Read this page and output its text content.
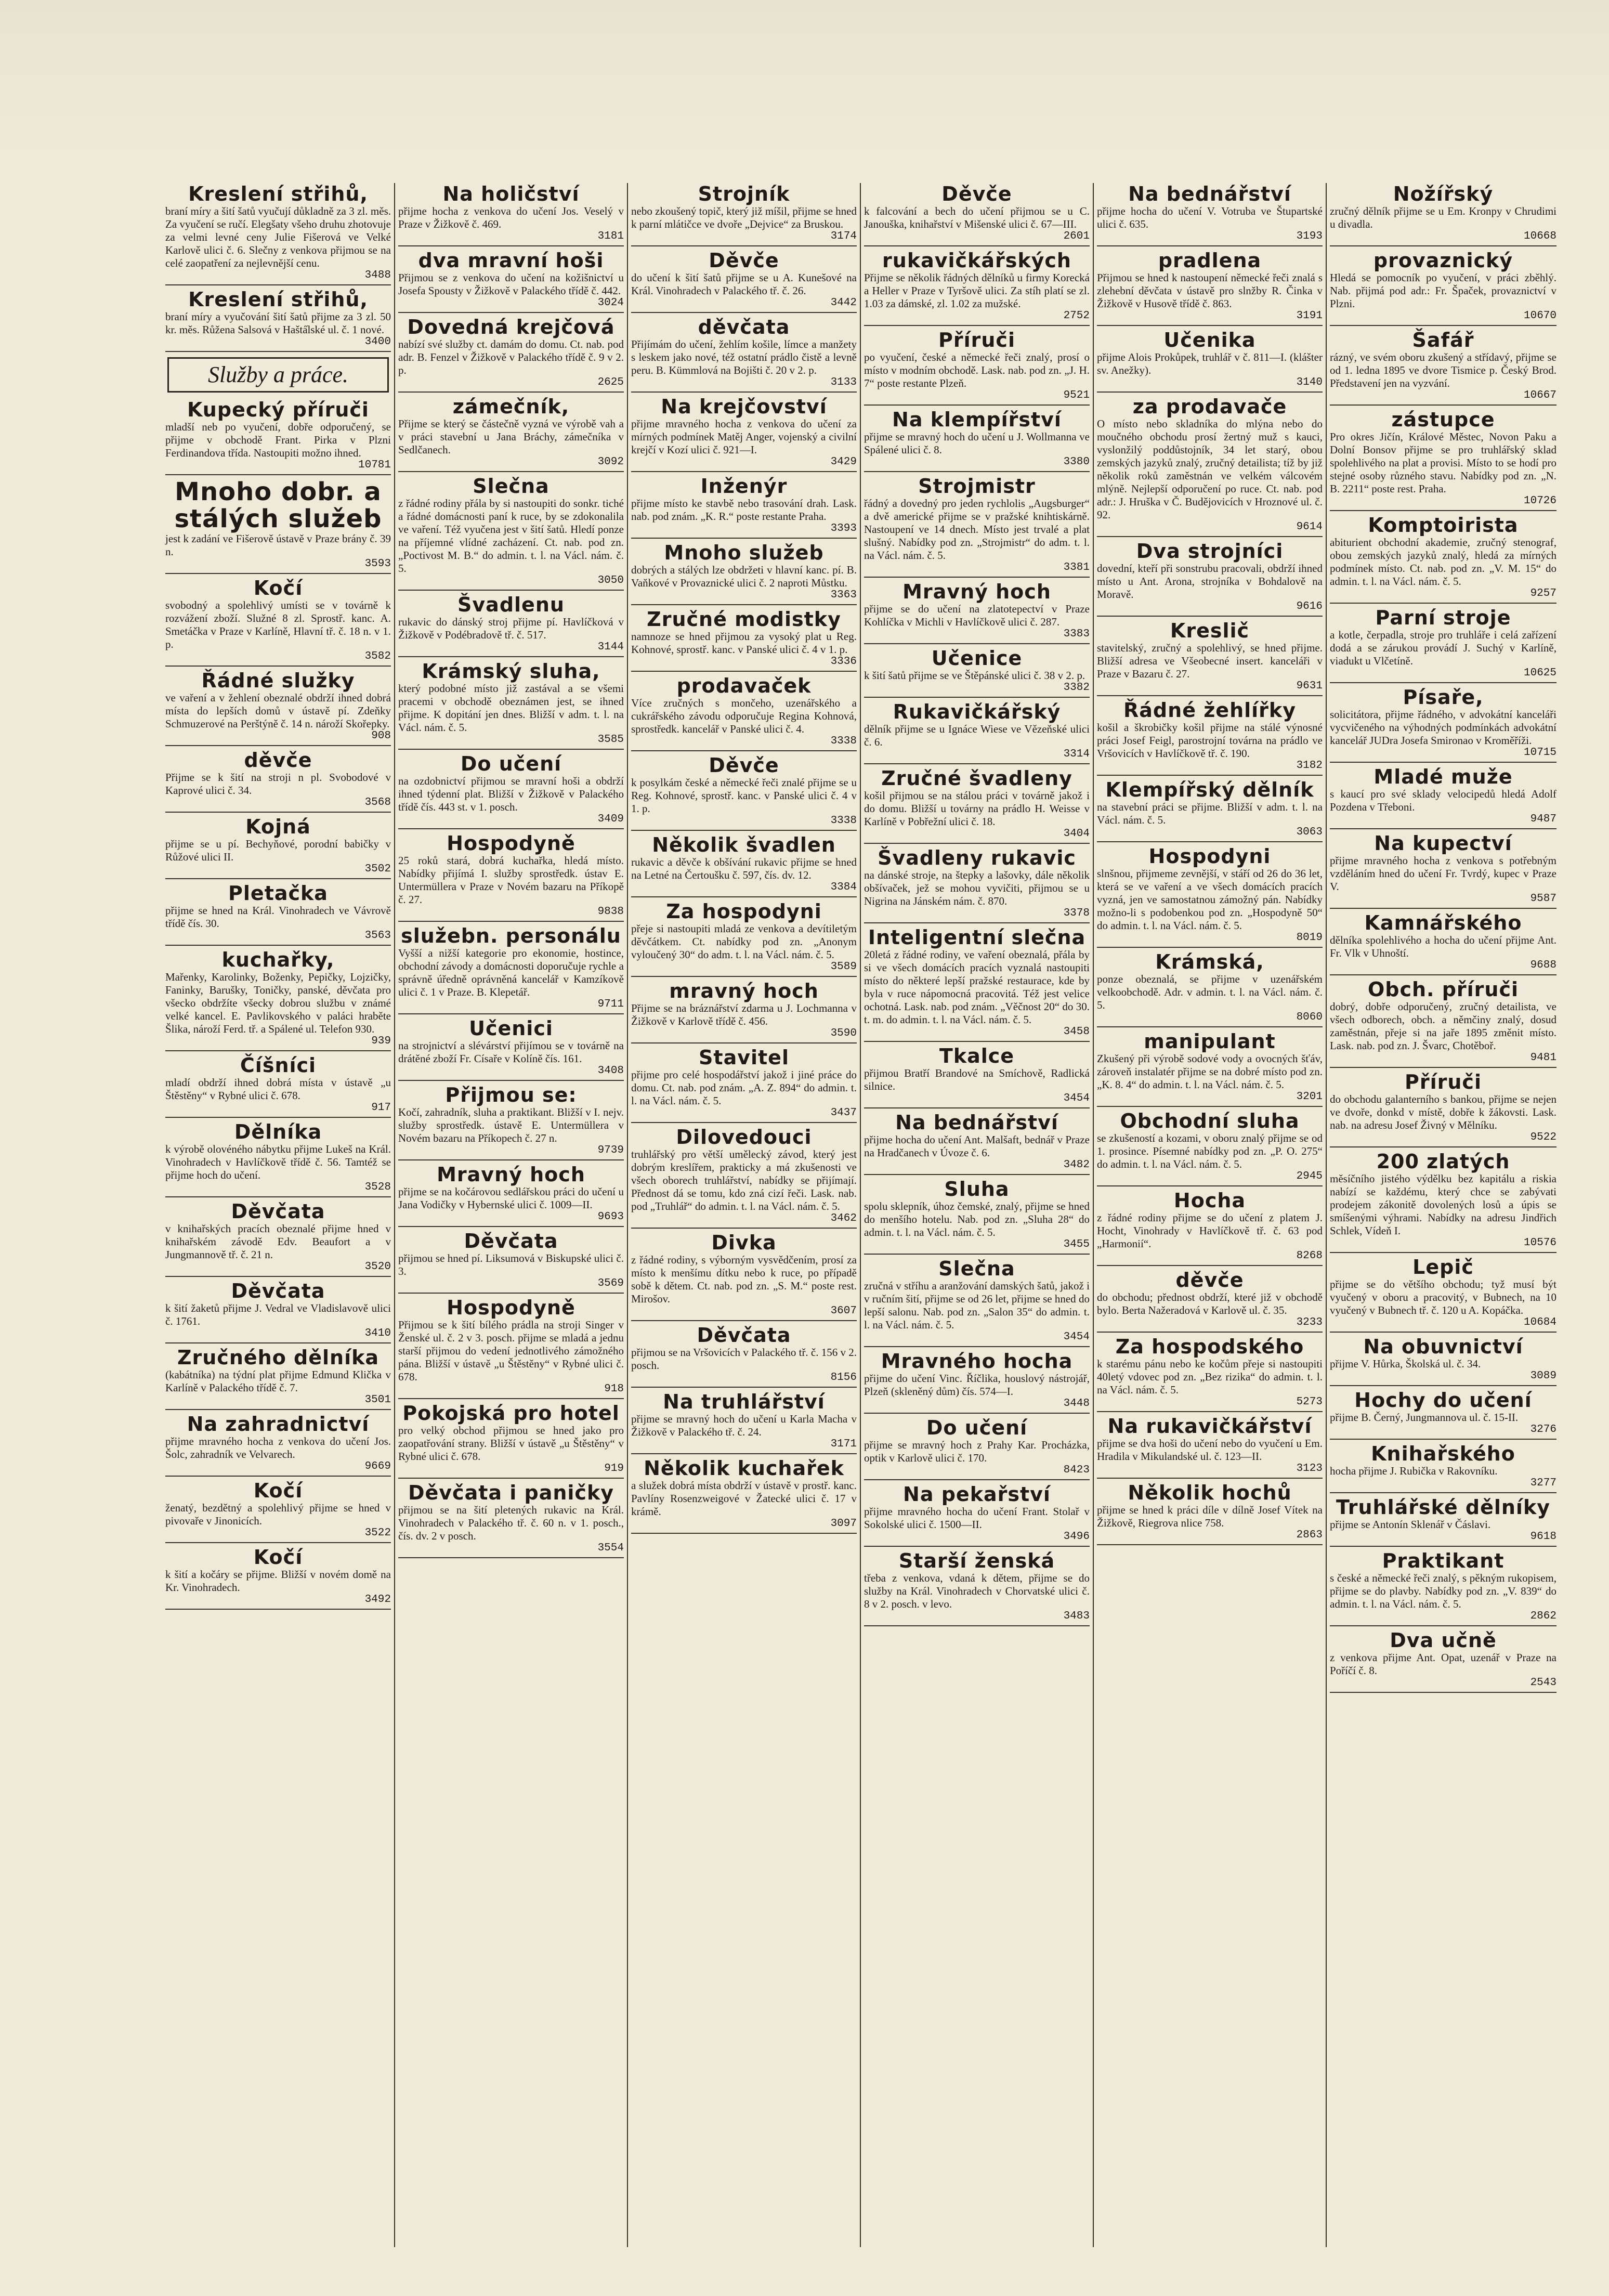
Kreslení střihů,
braní míry a šití šatů vyučují důkladně za 3 zl. měs. Za vyučení se ručí. Elegšaty všeho druhu zhotovuje za velmi levné ceny Julie Fišerová ve Velké Karlově ulici č. 6. Slečny z venkova přijmou se na celé zaopatření za nejlevnější cenu.
3488
Kreslení střihů,
braní míry a vyučování šití šatů přijme za 3 zl. 50 kr. měs. Růžena Salsová v Hašta̋lské ul. č. 1 nové.
3400
Služby a práce.
Kupecký příruči
mladší neb po vyučení, dobře odporučený, se přijme v obchodě Frant. Pirka v Plzni Ferdinandova třída. Nastoupiti možno ihned.
10781
Mnoho dobr. a stálých služeb
jest k zadání ve Fišerově ústavě v Praze brány č. 39 n.
3593
Kočí
svobodný a spolehlivý umísti se v továrně k rozvážení zboží. Služné 8 zl. Sprostř. kanc. A. Smetáčka v Praze v Karlíně, Hlavní tř. č. 18 n. v 1. p.
3582
Řádné služky
ve vaření a v žehlení obeznalé obdrží ihned dobrá místa do lepších domů v ústavě pí. Zdeňky Schmuzerové na Perštýně č. 14 n. nároží Skořepky.
908
děvče
Přijme se k šití na stroji n pl. Svobodové v Kaprové ulici č. 34.
3568
Kojná
přijme se u pí. Bechyňové, porodní babičky v Růžové ulici II.
3502
Pletačka
přijme se hned na Král. Vinohradech ve Vávrově třídě čís. 30.
3563
kuchařky,
Mařenky, Karolinky, Boženky, Pepičky, Lojzičky, Faninky, Barušky, Toničky, panské, děvčata pro všecko obdržíte všecky dobrou službu v známé velké kancel. E. Pavlikovského v paláci hraběte Šlika, nároží Ferd. tř. a Spálené ul. Telefon 930.
939
Číšníci
mladí obdrží ihned dobrá místa v ústavě „u Štěstěny“ v Rybné ulici č. 678.
917
Dělníka
k výrobě olovéného nábytku přijme Lukeš na Král. Vinohradech v Havlíčkově třídě č. 56. Tamtéž se přijme hoch do učení.
3528
Děvčata
v knihařských pracích obeznalé přijme hned v knihařském závodě Edv. Beaufort a v Jungmannově tř. č. 21 n.
3520
Děvčata
k šití žaketů přijme J. Vedral ve Vladislavově ulici č. 1761.
3410
Zručného dělníka
(kabátníka) na týdní plat přijme Edmund Klička v Karlíně v Palackého třídě č. 7.
3501
Na zahradnictví
přijme mravného hocha z venkova do učení Jos. Šolc, zahradník ve Velvarech.
9669
Kočí
ženatý, bezdětný a spolehlivý přijme se hned v pivovaře v Jinonicích.
3522
Kočí
k šití a kočáry se přijme. Bližší v novém domě na Kr. Vinohradech.
3492
Na holičství
přijme hocha z venkova do učení Jos. Veselý v Praze v Žižkově č. 469.
3181
dva mravní hoši
Přijmou se z venkova do učení na kožišnictví u Josefa Spousty v Žižkově v Palackého třídě č. 442.
3024
Dovedná krejčová
nabízí své služby ct. damám do domu. Ct. nab. pod adr. B. Fenzel v Žižkově v Palackého třídě č. 9 v 2. p.
2625
zámečník,
Přijme se který se částečně vyzná ve výrobě vah a v práci stavební u Jana Bráchy, zámečníka v Sedlčanech.
3092
Slečna
z řádné rodiny přála by si nastoupiti do sonkr. tiché a řádné domácnosti paní k ruce, by se zdokonalila ve vaření. Též vyučena jest v šití šatů. Hledí ponze na příjemné vlídné zacházení. Ct. nab. pod zn. „Poctivost M. B.“ do admin. t. l. na Václ. nám. č. 5.
3050
Švadlenu
rukavic do dánský stroj přijme pí. Havlíčková v Žižkově v Podébradově tř. č. 517.
3144
Krámský sluha,
který podobné místo již zastával a se všemi pracemi v obchodě obeznámen jest, se ihned přijme. K dopitání jen dnes. Bližší v adm. t. l. na Václ. nám. č. 5.
3585
Do učení
na ozdobnictví přijmou se mravní hoši a obdrží ihned týdenní plat. Bližší v Žižkově v Palackého třídě čís. 443 st. v 1. posch.
3409
Hospodyně
25 roků stará, dobrá kuchařka, hledá místo. Nabídky přijímá I. služby sprostředk. ústav E. Untermüllera v Praze v Novém bazaru na Příkopě č. 27.
9838
služebn. personálu
Vyšší a nižší kategorie pro ekonomie, hostince, obchodní závody a domácnosti doporučuje rychle a správně úředně oprávněná kancelář v Kamzíkově ulici č. 1 v Praze. B. Klepetář.
9711
Učenici
na strojnictví a slévárství přijímou se v továrně na drátěné zboží Fr. Císaře v Kolíně čís. 161.
3408
Přijmou se:
Kočí, zahradník, sluha a praktikant. Bližší v I. nejv. služby sprostředk. ústavě E. Untermüllera v Novém bazaru na Příkopech č. 27 n.
9739
Mravný hoch
přijme se na kočárovou sedlářskou práci do učení u Jana Vodičky v Hybernské ulici č. 1009—II.
9693
Děvčata
přijmou se hned pí. Liksumová v Biskupské ulici č. 3.
3569
Hospodyně
Přijmou se k šití bílého prádla na stroji Singer v Ženské ul. č. 2 v 3. posch. přijme se mladá a jednu starší přijmou do vedení jednotlivého zámožného pána. Bližší v ústavě „u Štěstěny“ v Rybné ulici č. 678.
918
Pokojská pro hotel
pro velký obchod přijmou se hned jako pro zaopatřování strany. Bližší v ústavě „u Štěstěny“ v Rybné ulici č. 678.
919
Děvčata i paničky
přijmou se na šití pletených rukavic na Král. Vinohradech v Palackého tř. č. 60 n. v 1. posch., čís. dv. 2 v posch.
3554
Strojník
nebo zkoušený topič, který již míšil, přijme se hned k parní mlátičce ve dvoře „Dejvice“ za Bruskou.
3174
Děvče
do učení k šití šatů přijme se u A. Kunešové na Král. Vinohradech v Palackého tř. č. 26.
3442
děvčata
Přijímám do učení, žehlím košile, límce a manžety s leskem jako nové, též ostatní prádlo čistě a levně peru. B. Kümmlová na Bojišti č. 20 v 2. p.
3133
Na krejčovství
přijme mravného hocha z venkova do učení za mírných podmínek Matěj Anger, vojenský a civilní krejčí v Kozí ulici č. 921—I.
3429
Inženýr
přijme místo ke stavbě nebo trasování drah. Lask. nab. pod znám. „K. R.“ poste restante Praha.
3393
Mnoho služeb
dobrých a stálých lze obdržeti v hlavní kanc. pí. B. Vaňkové v Provaznické ulici č. 2 naproti Můstku.
3363
Zručné modistky
namnoze se hned přijmou za vysoký plat u Reg. Kohnové, sprostř. kanc. v Panské ulici č. 4 v 1. p.
3336
prodavaček
Více zručných s mončeho, uzenářského a cukrářského závodu odporučuje Regina Kohnová, sprostředk. kancelář v Panské ulici č. 4.
3338
Děvče
k posylkám české a německé řeči znalé přijme se u Reg. Kohnové, sprostř. kanc. v Panské ulici č. 4 v 1. p.
3338
Několik švadlen
rukavic a děvče k obšívání rukavic přijme se hned na Letné na Čertoušku č. 597, čís. dv. 12.
3384
Za hospodyni
přeje si nastoupiti mladá ze venkova a devítiletým děvčátkem. Ct. nabídky pod zn. „Anonym vyloučený 30“ do adm. t. l. na Václ. nám. č. 5.
3589
mravný hoch
Přijme se na bráznářství zdarma u J. Lochmanna v Žižkově v Karlově třídě č. 456.
3590
Stavitel
přijme pro celé hospodářství jakož i jiné práce do domu. Ct. nab. pod znám. „A. Z. 894“ do admin. t. l. na Václ. nám. č. 5.
3437
Dilovedouci
truhlářský pro větší umělecký závod, který jest dobrým kreslířem, prakticky a má zkušenosti ve všech oborech truhlářství, nabídky se přijímají. Přednost dá se tomu, kdo zná cizí řeči. Lask. nab. pod „Truhlář“ do admin. t. l. na Václ. nám. č. 5.
3462
Divka
z řádné rodiny, s výborným vysvědčením, prosí za místo k menšímu dítku nebo k ruce, po případě sobě k dětem. Ct. nab. pod zn. „S. M.“ poste rest. Mirošov.
3607
Děvčata
přijmou se na Vršovicích v Palackého tř. č. 156 v 2. posch.
8156
Na truhlářství
přijme se mravný hoch do učení u Karla Macha v Žižkově v Palackého tř. č. 24.
3171
Několik kuchařek
a služek dobrá místa obdrží v ústavě v prostř. kanc. Pavlíny Rosenzweigové v Žatecké ulici č. 17 v krámě.
3097
Děvče
k falcování a bech do učení přijmou se u C. Janouška, knihařství v Mišenské ulici č. 67—III.
2601
rukavičkářských
Přijme se několik řádných dělníků u firmy Korecká a Heller v Praze v Tyršově ulici. Za stíh platí se zl. 1.03 za dámské, zl. 1.02 za mužské.
2752
Příruči
po vyučení, české a německé řeči znalý, prosí o místo v modním obchodě. Lask. nab. pod zn. „J. H. 7“ poste restante Plzeň.
9521
Na klempířství
přijme se mravný hoch do učení u J. Wollmanna ve Spálené ulici č. 8.
3380
Strojmistr
řádný a dovedný pro jeden rychlolis „Augsburger“ a dvě americké přijme se v pražské knihtiskárně. Nastoupení ve 14 dnech. Místo jest trvalé a plat slušný. Nabídky pod zn. „Strojmistr“ do adm. t. l. na Václ. nám. č. 5.
3381
Mravný hoch
přijme se do učení na zlatotepectví v Praze Kohlíčka v Michli v Havlíčkově ulici č. 287.
3383
Učenice
k šití šatů přijme se ve Štěpánské ulici č. 38 v 2. p.
3382
Rukavičkářský
dělník přijme se u Ignáce Wiese ve Vězeňské ulici č. 6.
3314
Zručné švadleny
košil přijmou se na stálou práci v továrně jakož i do domu. Bližší u továrny na prádlo H. Weisse v Karlíně v Pobřežní ulici č. 18.
3404
Švadleny rukavic
na dánské stroje, na štepky a lašovky, dále několik obšívaček, jež se mohou vyvičiti, přijmou se u Nigrina na Jánském nám. č. 870.
3378
Inteligentní slečna
20letá z řádné rodiny, ve vaření obeznalá, přála by si ve všech domácích pracích vyznalá nastoupiti místo do některé lepší pražské restaurace, kde by byla v ruce nápomocná pracovitá. Též jest velice ochotná. Lask. nab. pod znám. „Věčnost 20“ do 30. t. m. do admin. t. l. na Václ. nám. č. 5.
3458
Tkalce
přijmou Bratří Brandové na Smíchově, Radlická silnice.
3454
Na bednářství
přijme hocha do učení Ant. Malšaft, bednář v Praze na Hradčanech v Úvoze č. 6.
3482
Sluha
spolu sklepník, úhoz čemské, znalý, přijme se hned do menšího hotelu. Nab. pod zn. „Sluha 28“ do admin. t. l. na Václ. nám. č. 5.
3455
Slečna
zručná v stříhu a aranžování damských šatů, jakož i v ručním šití, přijme se od 26 let, přijme se hned do lepší salonu. Nab. pod zn. „Salon 35“ do admin. t. l. na Václ. nám. č. 5.
3454
Mravného hocha
přijme do učení Vinc. Říčlika, houslový nástrojář, Plzeň (skleněný dům) čís. 574—I.
3448
Do učení
přijme se mravný hoch z Prahy Kar. Procházka, optik v Karlově ulici č. 170.
8423
Na pekařství
přijme mravného hocha do učení Frant. Stolař v Sokolské ulici č. 1500—II.
3496
Starší ženská
třeba z venkova, vdaná k dětem, přijme se do služby na Král. Vinohradech v Chorvatské ulici č. 8 v 2. posch. v levo.
3483
Na bednářství
přijme hocha do učení V. Votruba ve Štupartské ulici č. 635.
3193
pradlena
Přijmou se hned k nastoupení německé řeči znalá s zlehební děvčata v ústavě pro slnžby R. Činka v Žižkově v Husově třídě č. 863.
3191
Učenika
přijme Alois Prokůpek, truhlář v č. 811—I. (klášter sv. Anežky).
3140
za prodavače
O místo nebo skladníka do mlýna nebo do moučného obchodu prosí žertný muž s kauci, vyslonžilý poddůstojník, 34 let starý, obou zemských jazyků znalý, zručný detailista; tíž by již několik roků zaměstnán ve velkém válcovém mlýně. Nejlepší odporučení po ruce. Ct. nab. pod adr.: J. Hruška v Č. Budějovicích v Hroznové ul. č. 92.
9614
Dva strojníci
dovední, kteří při sonstrubu pracovali, obdrží ihned místo u Ant. Arona, strojníka v Bohdalově na Moravě.
9616
Kreslič
stavitelský, zručný a spolehlivý, se hned přijme. Bližší adresa ve Všeobecné insert. kanceláři v Praze v Bazaru č. 27.
9631
Řádné žehlířky
košil a škrobičky košil přijme na stálé výnosné práci Josef Feigl, parostrojní továrna na prádlo ve Vršovicích v Havlíčkově tř. č. 190.
3182
Klempířský dělník
na stavební práci se přijme. Bližší v adm. t. l. na Václ. nám. č. 5.
3063
Hospodyni
slnšnou, přijmeme zevnější, v stáří od 26 do 36 let, která se ve vaření a ve všech domácích pracích vyzná, jen ve samostatnou zámožný pán. Nabídky možno-li s podobenkou pod zn. „Hospodyně 50“ do admin. t. l. na Václ. nám. č. 5.
8019
Krámská,
ponze obeznalá, se přijme v uzenářském velkoobchodě. Adr. v admin. t. l. na Václ. nám. č. 5.
8060
manipulant
Zkušený při výrobě sodové vody a ovocných šťáv, zároveň instalatér přijme se na dobré místo pod zn. „K. 8. 4“ do admin. t. l. na Václ. nám. č. 5.
3201
Obchodní sluha
se zkušeností a kozami, v oboru znalý přijme se od 1. prosince. Písemné nabídky pod zn. „P. O. 275“ do admin. t. l. na Václ. nám. č. 5.
2945
Hocha
z řádné rodiny přijme se do učení z platem J. Hocht, Vinohrady v Havlíčkově tř. č. 63 pod „Harmonií“.
8268
děvče
do obchodu; přednost obdrží, které již v obchodě bylo. Berta Nažeradová v Karlově ul. č. 35.
3233
Za hospodského
k starému pánu nebo ke kočům přeje si nastoupiti 40letý vdovec pod zn. „Bez rizika“ do admin. t. l. na Václ. nám. č. 5.
5273
Na rukavičkářství
přijme se dva hoši do učení nebo do vyučení u Em. Hradila v Mikulandské ul. č. 123—II.
3123
Několik hochů
přijme se hned k práci díle v dílně Josef Vítek na Žižkově, Riegrova nlice 758.
2863
Nožířský
zručný dělník přijme se u Em. Kronpy v Chrudimi u divadla.
10668
provaznický
Hledá se pomocník po vyučení, v práci zběhlý. Nab. přijmá pod adr.: Fr. Špaček, provaznictví v Plzni.
10670
Šafář
rázný, ve svém oboru zkušený a střídavý, přijme se od 1. ledna 1895 ve dvore Tismice p. Český Brod. Představení jen na vyzvání.
10667
zástupce
Pro okres Jičín, Králové Městec, Novon Paku a Dolní Bonsov přijme se pro truhlářský sklad spolehlivého na plat a provisi. Místo to se hodí pro stejné osoby různého stavu. Nabídky pod zn. „N. B. 2211“ poste rest. Praha.
10726
Komptoirista
abiturient obchodní akademie, zručný stenograf, obou zemských jazyků znalý, hledá za mírných podmínek místo. Ct. nab. pod zn. „V. M. 15“ do admin. t. l. na Václ. nám. č. 5.
9257
Parní stroje
a kotle, čerpadla, stroje pro truhláře i celá zařízení dodá a se zárukou provádí J. Suchý v Karlíně, viadukt u Vlčetíně.
10625
Písaře,
solicitátora, přijme řádného, v advokátní kanceláři vycvičeného na výhodných podmínkách advokátní kancelář JUDra Josefa Smironao v Kroměříži.
10715
Mladé muže
s kaucí pro své sklady velocipedů hledá Adolf Pozdena v Třeboni.
9487
Na kupectví
přijme mravného hocha z venkova s potřebným vzděláním hned do učení Fr. Tvrdý, kupec v Praze V.
9587
Kamnářského
dělníka spolehlivého a hocha do učení přijme Ant. Fr. Vlk v Uhnoští.
9688
Obch. příruči
dobrý, dobře odporučený, zručný detailista, ve všech odborech, obch. a němčiny znalý, dosud zaměstnán, přeje si na jaře 1895 změnit místo. Lask. nab. pod zn. J. Švarc, Chotěboř.
9481
Příruči
do obchodu galanterního s bankou, přijme se nejen ve dvoře, donkd v místě, dobře k žákovsti. Lask. nab. na adresu Josef Živný v Mělníku.
9522
200 zlatých
měsíčního jistého výdělku bez kapitálu a riskia nabízí se každému, který chce se zabývati prodejem zákonitě dovolených losů a úpis se smíšenými výhrami. Nabídky na adresu Jindřich Schlek, Vídeň I.
10576
Lepič
přijme se do většího obchodu; tyž musí být vyučený v oboru a pracovitý, v Bubnech, na 10 vyučený v Bubnech tř. č. 120 u A. Kopáčka.
10684
Na obuvnictví
přijme V. Hůrka, Školská ul. č. 34.
3089
Hochy do učení
přijme B. Černý, Jungmannova ul. č. 15-II.
3276
Knihařského
hocha přijme J. Rubička v Rakovníku.
3277
Truhlářské dělníky
přijme se Antonín Sklenář v Čáslavi.
9618
Praktikant
s české a německé řeči znalý, s pěkným rukopisem, přijme se do plavby. Nabídky pod zn. „V. 839“ do admin. t. l. na Václ. nám. č. 5.
2862
Dva učně
z venkova přijme Ant. Opat, uzenář v Praze na Poříčí č. 8.
2543
